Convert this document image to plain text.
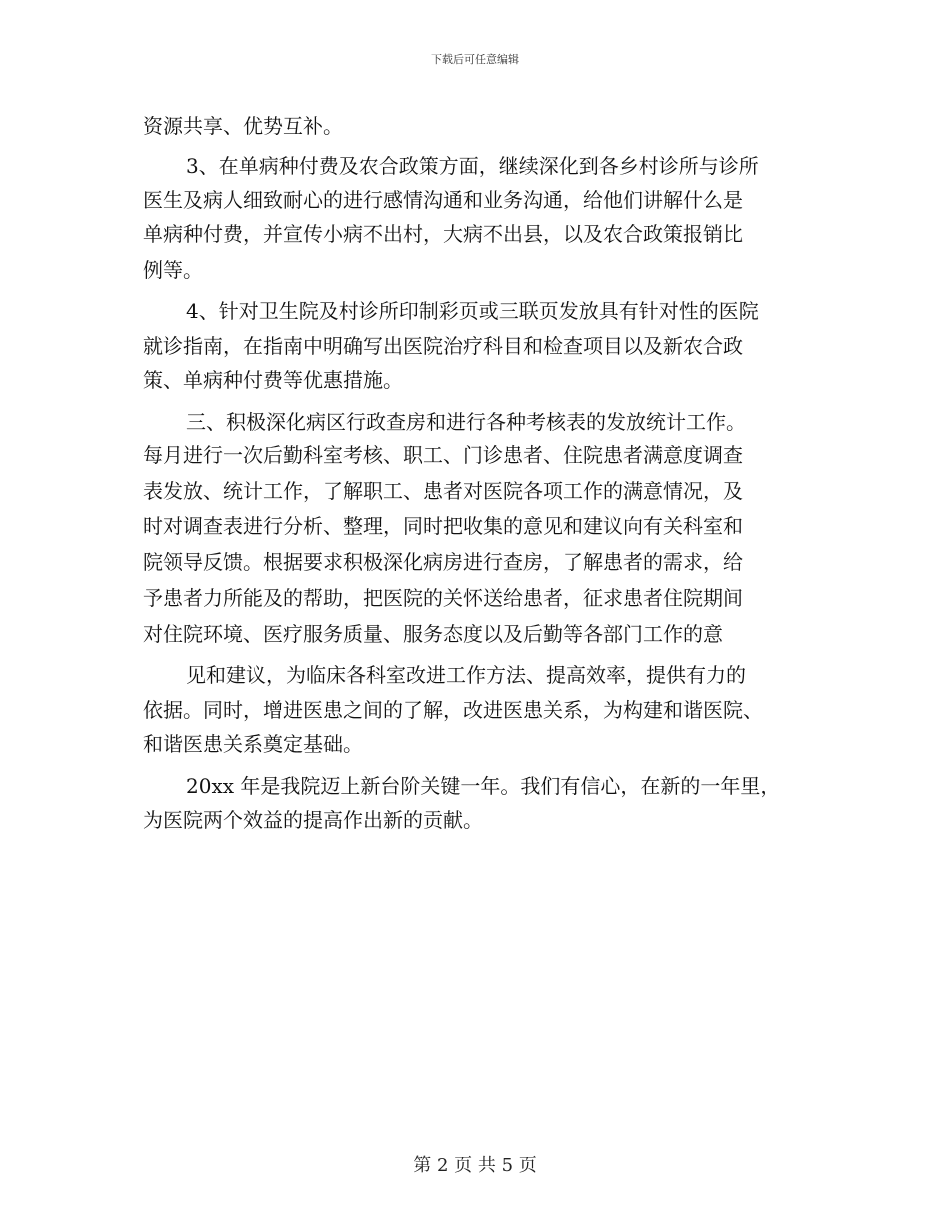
下载后可任意编辑
资源共享、优势互补。
3、在单病种付费及农合政策方面，继续深化到各乡村诊所与诊所
医生及病人细致耐心的进行感情沟通和业务沟通，给他们讲解什么是
单病种付费，并宣传小病不出村，大病不出县，以及农合政策报销比
例等。
4、针对卫生院及村诊所印制彩页或三联页发放具有针对性的医院
就诊指南，在指南中明确写出医院治疗科目和检查项目以及新农合政
策、单病种付费等优惠措施。
三、积极深化病区行政查房和进行各种考核表的发放统计工作。
每月进行一次后勤科室考核、职工、门诊患者、住院患者满意度调查
表发放、统计工作，了解职工、患者对医院各项工作的满意情况，及
时对调查表进行分析、整理，同时把收集的意见和建议向有关科室和
院领导反馈。根据要求积极深化病房进行查房，了解患者的需求，给
予患者力所能及的帮助，把医院的关怀送给患者，征求患者住院期间
对住院环境、医疗服务质量、服务态度以及后勤等各部门工作的意
见和建议，为临床各科室改进工作方法、提高效率，提供有力的
依据。同时，增进医患之间的了解，改进医患关系，为构建和谐医院、
和谐医患关系奠定基础。
20xx 年是我院迈上新台阶关键一年。我们有信心，在新的一年里，
为医院两个效益的提高作出新的贡献。
第 2 页 共 5 页
